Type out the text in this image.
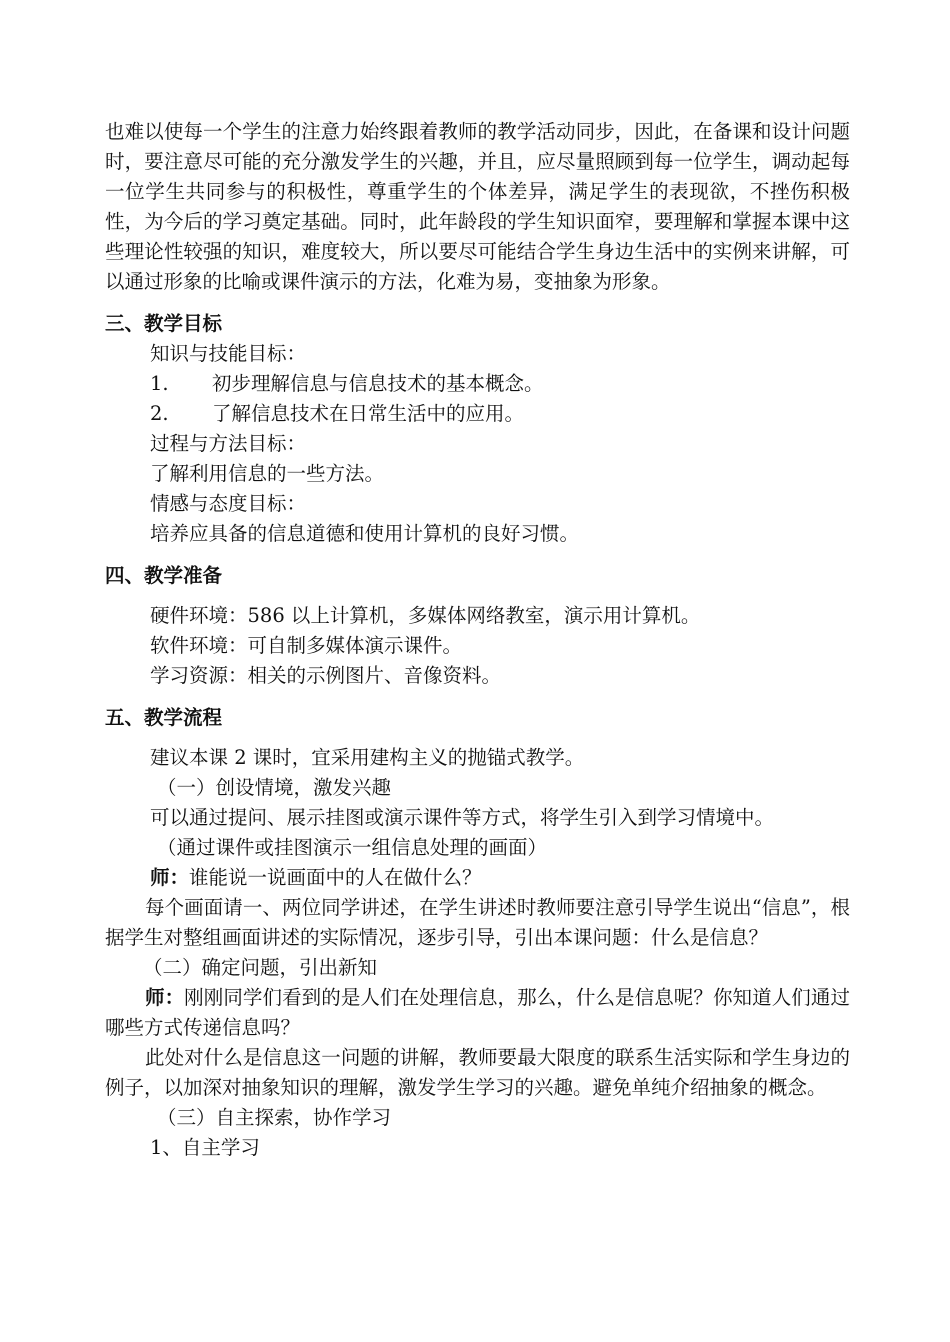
也难以使每一个学生的注意力始终跟着教师的教学活动同步，因此，在备课和设计问题时，要注意尽可能的充分激发学生的兴趣，并且，应尽量照顾到每一位学生，调动起每一位学生共同参与的积极性，尊重学生的个体差异，满足学生的表现欲，不挫伤积极性，为今后的学习奠定基础。同时，此年龄段的学生知识面窄，要理解和掌握本课中这些理论性较强的知识，难度较大，所以要尽可能结合学生身边生活中的实例来讲解，可以通过形象的比喻或课件演示的方法，化难为易，变抽象为形象。

三、教学目标

知识与技能目标：

1. 初步理解信息与信息技术的基本概念。

2. 了解信息技术在日常生活中的应用。

过程与方法目标：

了解利用信息的一些方法。

情感与态度目标：

培养应具备的信息道德和使用计算机的良好习惯。

四、教学准备

硬件环境：586 以上计算机，多媒体网络教室，演示用计算机。

软件环境：可自制多媒体演示课件。

学习资源：相关的示例图片、音像资料。

五、教学流程

建议本课 2 课时，宜采用建构主义的抛锚式教学。

（一）创设情境，激发兴趣

可以通过提问、展示挂图或演示课件等方式，将学生引入到学习情境中。

（通过课件或挂图演示一组信息处理的画面）

师：谁能说一说画面中的人在做什么？

每个画面请一、两位同学讲述，在学生讲述时教师要注意引导学生说出“信息”，根据学生对整组画面讲述的实际情况，逐步引导，引出本课问题：什么是信息？

（二）确定问题，引出新知

师：刚刚同学们看到的是人们在处理信息，那么，什么是信息呢？你知道人们通过哪些方式传递信息吗？

此处对什么是信息这一问题的讲解，教师要最大限度的联系生活实际和学生身边的例子，以加深对抽象知识的理解，激发学生学习的兴趣。避免单纯介绍抽象的概念。

（三）自主探索，协作学习

1、自主学习
